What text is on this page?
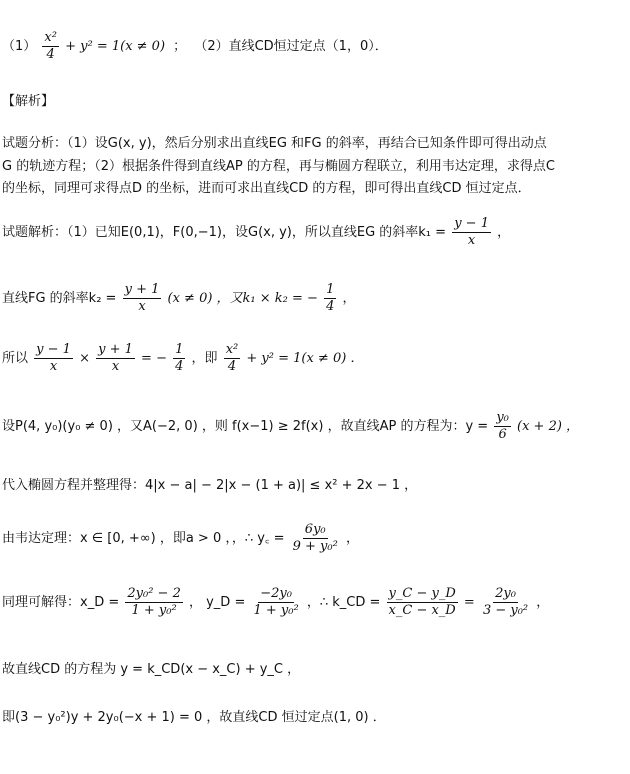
$(1) \frac{\text{x²}}{4} + y^2 = 1(x \ne 0)$ ； （2）直线CD恒过定点（1，0）．
【解析】
试题分析：（1）设G(x, y)，然后分别求出直线EG 和FG 的斜率，再结合已知条件即可得出动点
G 的轨迹方程；（2）根据条件得到直线AP 的方程，再与椭圆方程联立，利用韦达定理，求得点C
的坐标，同理可求得点D 的坐标，进而可求出直线CD 的方程，即可得出直线CD 恒过定点．
试题解析：（1）已知E(0,1)，F(0,−1)，设G(x, y)，所以直线EG 的斜率$k_1 = \frac{y - 1}{x}$ ，
直线FG 的斜率$k_2 = \frac{y + 1}{x} (x \ne 0)$ ，又k₁ × k₂ = − $\frac{1}{4}$ ，
所以 $\frac{y - 1}{x} \times \frac{y + 1}{x}$ = − $\frac{1}{4}$ ，即 $\frac{\text{x²}}{4} + y^2 = 1(x \ne 0)$ ．
设P(4, y₀)(y₀ ≠ 0) ，又A(−2, 0) ，则 f(x−1) ≥ 2f(x) ，故直线AP 的方程为：$y = \frac{\text{y₀}}{6} (x + 2)$ ，
代入椭圆方程并整理得：4|x − a| − 2|x − (1 + a)| ≤ x² + 2x − 1 ，
由韦达定理：x ∈ [0, +∞) ，即a > 0 ，，∴ y꜀ = $\frac{\text{6y₀}}{\text{9 + y₀²}}$ ，
同理可解得：x_D = $\frac{\text{2y₀² − 2}}{\text{1 + y₀²}}$ ， y_D = $\frac{\text{−2y₀}}{\text{1 + y₀²}}$ ，∴ k_CD = $\frac{y\_C - y\_D}{x\_C - x\_D} = \frac{\text{2y₀}}{\text{3 − y₀²}}$ ，
故直线CD 的方程为 y = k_CD(x − x_C) + y_C ，
即(3 − y₀²)y + 2y₀(−x + 1) = 0 ，故直线CD 恒过定点(1, 0) ．
